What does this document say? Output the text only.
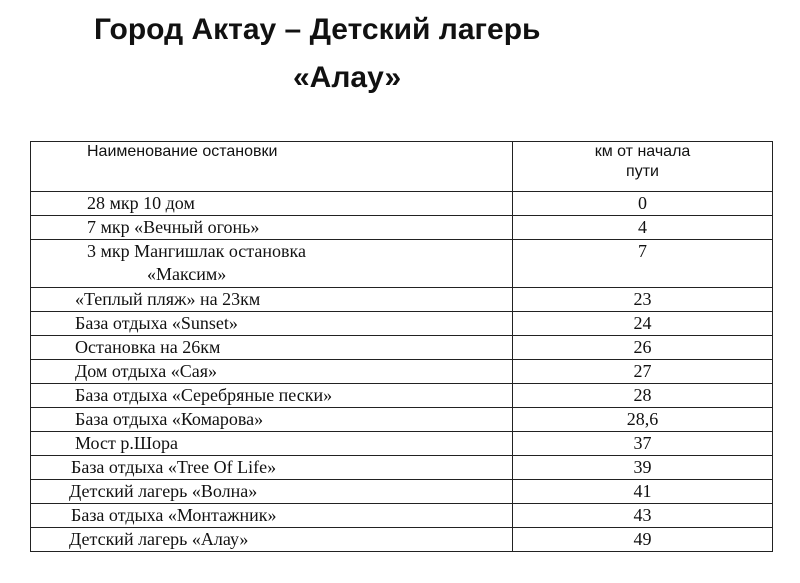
Город Актау – Детский лагерь
«Алау»
Наименование остановки	км от начала
пути

28 мкр 10 дом	0
7 мкр «Вечный огонь»	4

3 мкр Мангишлак остановка
«Максим»	7
«Теплый пляж» на 23км	23
База отдыха «Sunset»	24
Остановка на 26км	26
Дом отдыха «Сая»	27
База отдыха «Серебряные пески»	28
База отдыха «Комарова»	28,6
Мост р.Шора	37
База отдыха «Tree Of Life»	39
Детский лагерь «Волна»	41
База отдыха «Монтажник»	43
Детский лагерь «Алау»	49
